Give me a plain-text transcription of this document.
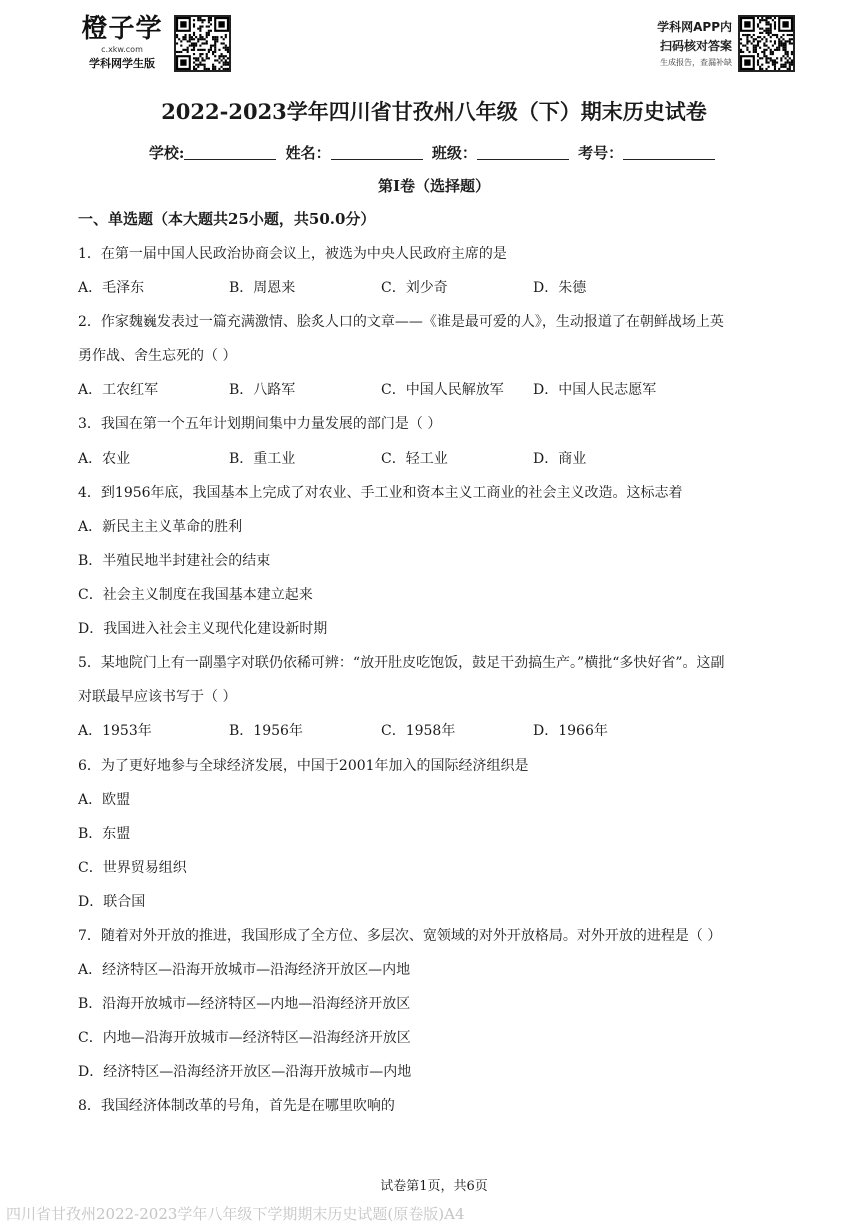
橙子学
c.xkw.com
学科网学生版
学科网APP内
扫码核对答案
生成报告，查漏补缺
2022-2023学年四川省甘孜州八年级（下）期末历史试卷
学校:	姓名：	班级：	考号：
第I卷（选择题）
一、单选题（本大题共25小题，共50.0分）
1．在第一届中国人民政治协商会议上，被选为中央人民政府主席的是
A．毛泽东	B．周恩来	C．刘少奇	D．朱德
2．作家魏巍发表过一篇充满激情、脍炙人口的文章——《谁是最可爱的人》，生动报道了在朝鲜战场上英
勇作战、舍生忘死的（ ）
A．工农红军	B．八路军	C．中国人民解放军 D．中国人民志愿军
3．我国在第一个五年计划期间集中力量发展的部门是（ ）
A．农业	B．重工业	C．轻工业	D．商业
4．到1956年底，我国基本上完成了对农业、手工业和资本主义工商业的社会主义改造。这标志着
A．新民主主义革命的胜利
B．半殖民地半封建社会的结束
C．社会主义制度在我国基本建立起来
D．我国进入社会主义现代化建设新时期
5．某地院门上有一副墨字对联仍依稀可辨：“放开肚皮吃饱饭，鼓足干劲搞生产。”横批“多快好省”。这副
对联最早应该书写于（ ）
A．1953年	B．1956年	C．1958年	D．1966年
6．为了更好地参与全球经济发展，中国于2001年加入的国际经济组织是
A．欧盟
B．东盟
C．世界贸易组织
D．联合国
7．随着对外开放的推进，我国形成了全方位、多层次、宽领域的对外开放格局。对外开放的进程是（ ）
A．经济特区—沿海开放城市—沿海经济开放区—内地
B．沿海开放城市—经济特区—内地—沿海经济开放区
C．内地—沿海开放城市—经济特区—沿海经济开放区
D．经济特区—沿海经济开放区—沿海开放城市—内地
8．我国经济体制改革的号角，首先是在哪里吹响的
试卷第1页，共6页
四川省甘孜州2022-2023学年八年级下学期期末历史试题(原卷版)A4
